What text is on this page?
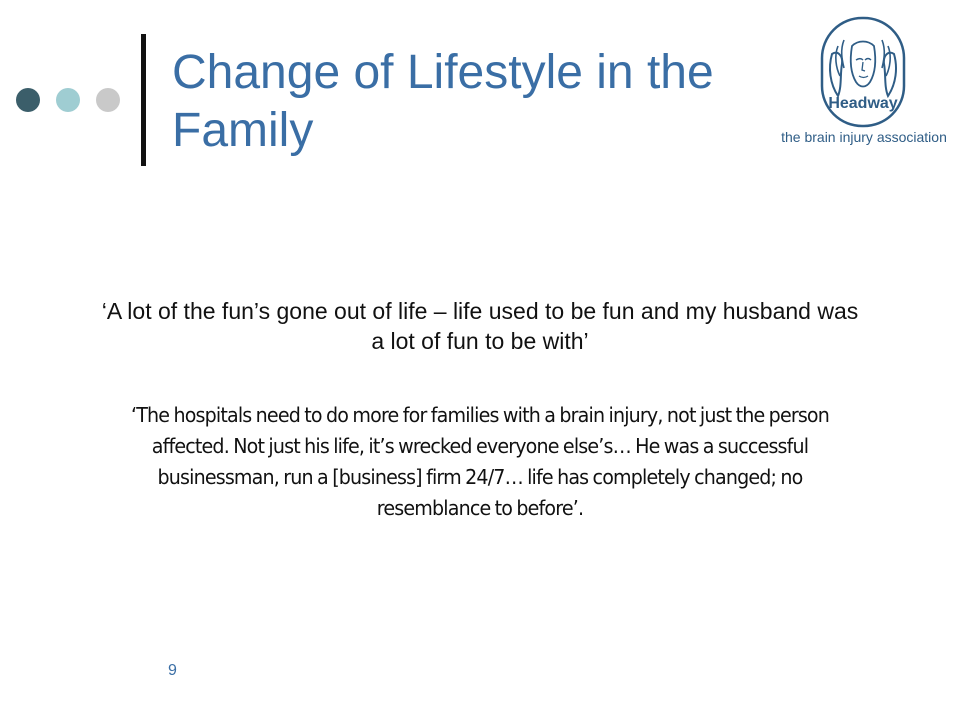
Change of Lifestyle in the Family
Headway
the brain injury association

‘A lot of the fun’s gone out of life – life used to be fun and my husband was a lot of fun to be with’

‘The hospitals need to do more for families with a brain injury, not just the person affected. Not just his life, it’s wrecked everyone else’s… He was a successful businessman, run a [business] firm 24/7… life has completely changed; no resemblance to before’.

9
